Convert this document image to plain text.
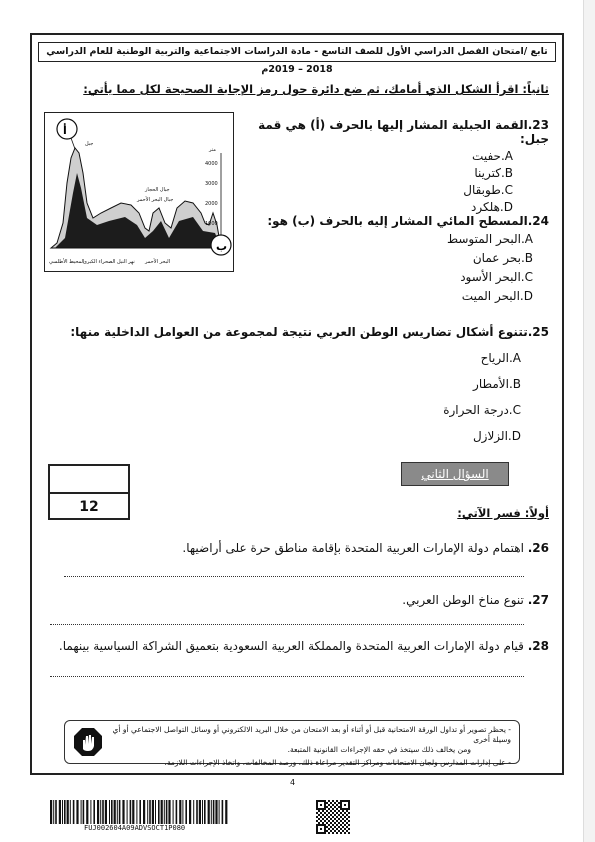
تابع /امتحان الفصل الدراسي الأول للصف التاسع - مادة الدراسات الاجتماعية والتربية الوطنية للعام الدراسي 2018 – 2019م
ثانياً: اقرأ الشكل الذي أمامك، ثم ضع دائرة حول رمز الإجابة الصحيحة لكل مما يأتي:
متر
4000
3000
2000
1000
جبل
جبال الحجاز
جبال البحر الأحمر
البحر الأحمر
نهر النيل
الصحراء الكبرى
المحيط الأطلسي
أ
ب
23.القمة الجبلية المشار إليها بالحرف (أ) هي قمة جبل:
A.حفيت
B.كترينا
C.طوبقال
D.هلكرد
24.المسطح المائي المشار إليه بالحرف (ب) هو:
A.البحر المتوسط
B.بحر عمان
C.البحر الأسود
D.البحر الميت
25.تتنوع أشكال تضاريس الوطن العربي نتيجة لمجموعة من العوامل الداخلية منها:
A.الرياح
B.الأمطار
C.درجة الحرارة
D.الزلازل
12
السؤال الثاني
أولاً: فسر الآتي:
26. اهتمام دولة الإمارات العربية المتحدة بإقامة مناطق حرة على أراضيها.
27. تنوع مناخ الوطن العربي.
28. قيام دولة الإمارات العربية المتحدة والمملكة العربية السعودية بتعميق الشراكة السياسية بينهما.
- يحظر تصوير أو تداول الورقة الامتحانية قبل أو أثناء أو بعد الامتحان من خلال البريد الالكتروني أو وسائل التواصل الاجتماعي أو أي وسيلة أخرى
ومن يخالف ذلك سيتخذ في حقه الإجراءات القانونية المتبعة.
- على إدارات المدارس ولجان الامتحانات ومراكز التقدير مراعاة ذلك، ورصد المخالفات، واتخاذ الإجراءات اللازمة.
4
FUJ002604A09ADVSOCT1P080
